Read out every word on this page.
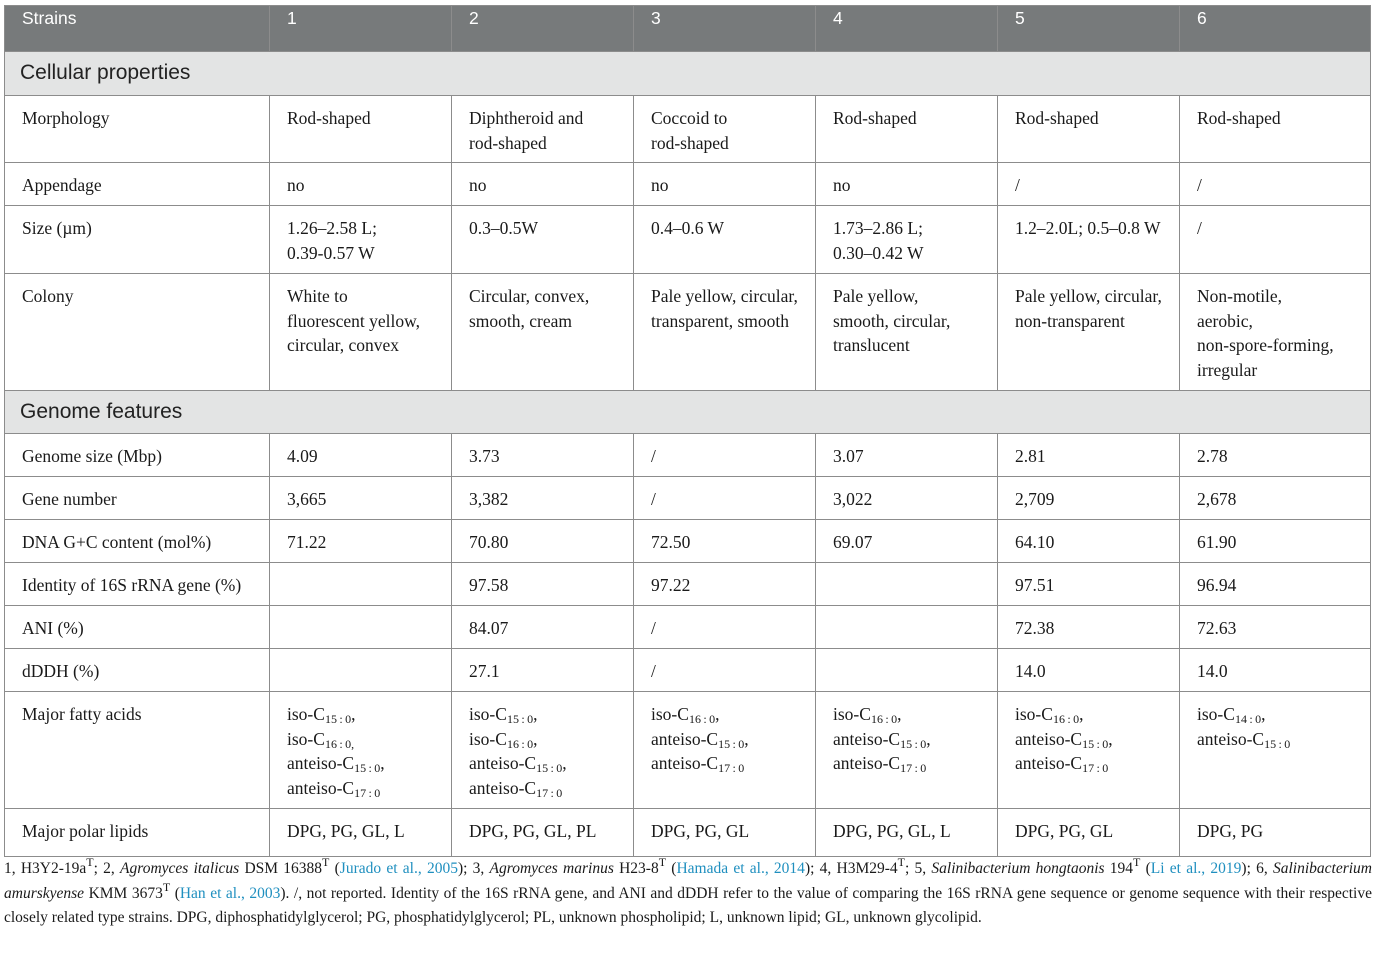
Strains	1	2	3	4	5	6
Cellular properties						
Morphology	Rod-shaped	Diphtheroid and
rod-shaped	Coccoid to
rod-shaped	Rod-shaped	Rod-shaped	Rod-shaped

Appendage	no	no	no	no	/	/

Size (µm)	1.26–2.58 L;
0.39-0.57 W	0.3–0.5W	0.4–0.6 W	1.73–2.86 L;
0.30–0.42 W	1.2–2.0L; 0.5–0.8 W	/

Colony	White to
fluorescent yellow,
circular, convex	Circular, convex,
smooth, cream	Pale yellow, circular,
transparent, smooth	Pale yellow,
smooth, circular,
translucent	Pale yellow, circular,
non-transparent	Non-motile,
aerobic,
non-spore-forming,
irregular

Genome features						
Genome size (Mbp)	4.09	3.73	/	3.07	2.81	2.78

Gene number	3,665	3,382	/	3,022	2,709	2,678

DNA G+C content (mol%)	71.22	70.80	72.50	69.07	64.10	61.90

Identity of 16S rRNA gene (%)		97.58	97.22		97.51	96.94

ANI (%)		84.07	/		72.38	72.63

dDDH (%)		27.1	/		14.0	14.0

Major fatty acids	iso-$C_{15 : 0}$,
iso-$C_{16 : 0,}$
anteiso-$C_{15 : 0}$,
anteiso-$C_{17 : 0}$	iso-$C_{15 : 0}$,
iso-$C_{16 : 0}$,
anteiso-$C_{15 : 0}$,
anteiso-$C_{17 : 0}$	iso-$C_{16 : 0}$,
anteiso-$C_{15 : 0}$,
anteiso-$C_{17 : 0}$	iso-$C_{16 : 0}$,
anteiso-$C_{15 : 0}$,
anteiso-$C_{17 : 0}$	iso-$C_{16 : 0}$,
anteiso-$C_{15 : 0}$,
anteiso-$C_{17 : 0}$	iso-$C_{14 : 0}$,
anteiso-$C_{15 : 0}$

Major polar lipids	DPG, PG, GL, L	DPG, PG, GL, PL	DPG, PG, GL	DPG, PG, GL, L	DPG, PG, GL	DPG, PG
1, $H3Y2-19a^T$; 2, Agromyces italicus DSM $16388^T$ (Jurado et al., 2005); 3, Agromyces marinus $H23-8^T$ (Hamada et al., 2014); 4, $H3M29-4^T$; 5, Salinibacterium hongtaonis $194^T$ (Li et al., 2019); 6, Salinibacterium amurskyense KMM $3673^T$ (Han et al., 2003). /, not reported. Identity of the 16S rRNA gene, and ANI and dDDH refer to the value of comparing the 16S rRNA gene sequence or genome sequence with their respective closely related type strains. DPG, diphosphatidylglycerol; PG, phosphatidylglycerol; PL, unknown phospholipid; L, unknown lipid; GL, unknown glycolipid.
